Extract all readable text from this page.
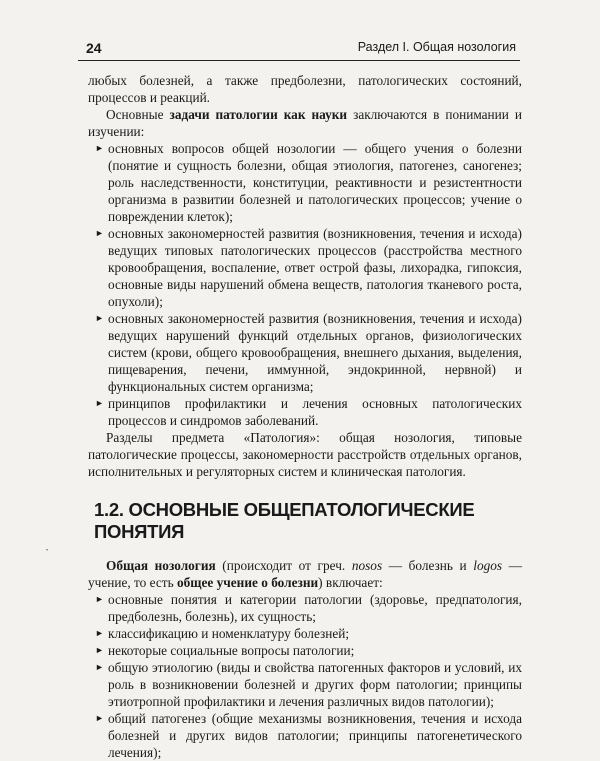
24	Раздел I. Общая нозология
•

любых болезней, а также предболезни, патологических состояний, процессов и реакций.

Основные задачи патологии как науки заключаются в понимании и изучении:

► основных вопросов общей нозологии — общего учения о болезни (понятие и сущность болезни, общая этиология, патогенез, саногенез; роль наследственности, конституции, реактивности и резистентности организма в развитии болезней и патологических процессов; учение о повреждении клеток);
► основных закономерностей развития (возникновения, течения и исхода) ведущих типовых патологических процессов (расстройства местного кровообращения, воспаление, ответ острой фазы, лихорадка, гипоксия, основные виды нарушений обмена веществ, патология тканевого роста, опухоли);
► основных закономерностей развития (возникновения, течения и исхода) ведущих нарушений функций отдельных органов, физиологических систем (крови, общего кровообращения, внешнего дыхания, выделения, пищеварения, печени, иммунной, эндокринной, нервной) и функциональных систем организма;
► принципов профилактики и лечения основных патологических процессов и синдромов заболеваний.

Разделы предмета «Патология»: общая нозология, типовые патологические процессы, закономерности расстройств отдельных органов, исполнительных и регуляторных систем и клиническая патология.

1.2. ОСНОВНЫЕ ОБЩЕПАТОЛОГИЧЕСКИЕ ПОНЯТИЯ

Общая нозология (происходит от греч. nosos — болезнь и logos — учение, то есть общее учение о болезни) включает:

► основные понятия и категории патологии (здоровье, предпатология, предболезнь, болезнь), их сущность;
► классификацию и номенклатуру болезней;
► некоторые социальные вопросы патологии;
► общую этиологию (виды и свойства патогенных факторов и условий, их роль в возникновении болезней и других форм патологии; принципы этиотропной профилактики и лечения различных видов патологии);
► общий патогенез (общие механизмы возникновения, течения и исхода болезней и других видов патологии; принципы патогенетического лечения);
